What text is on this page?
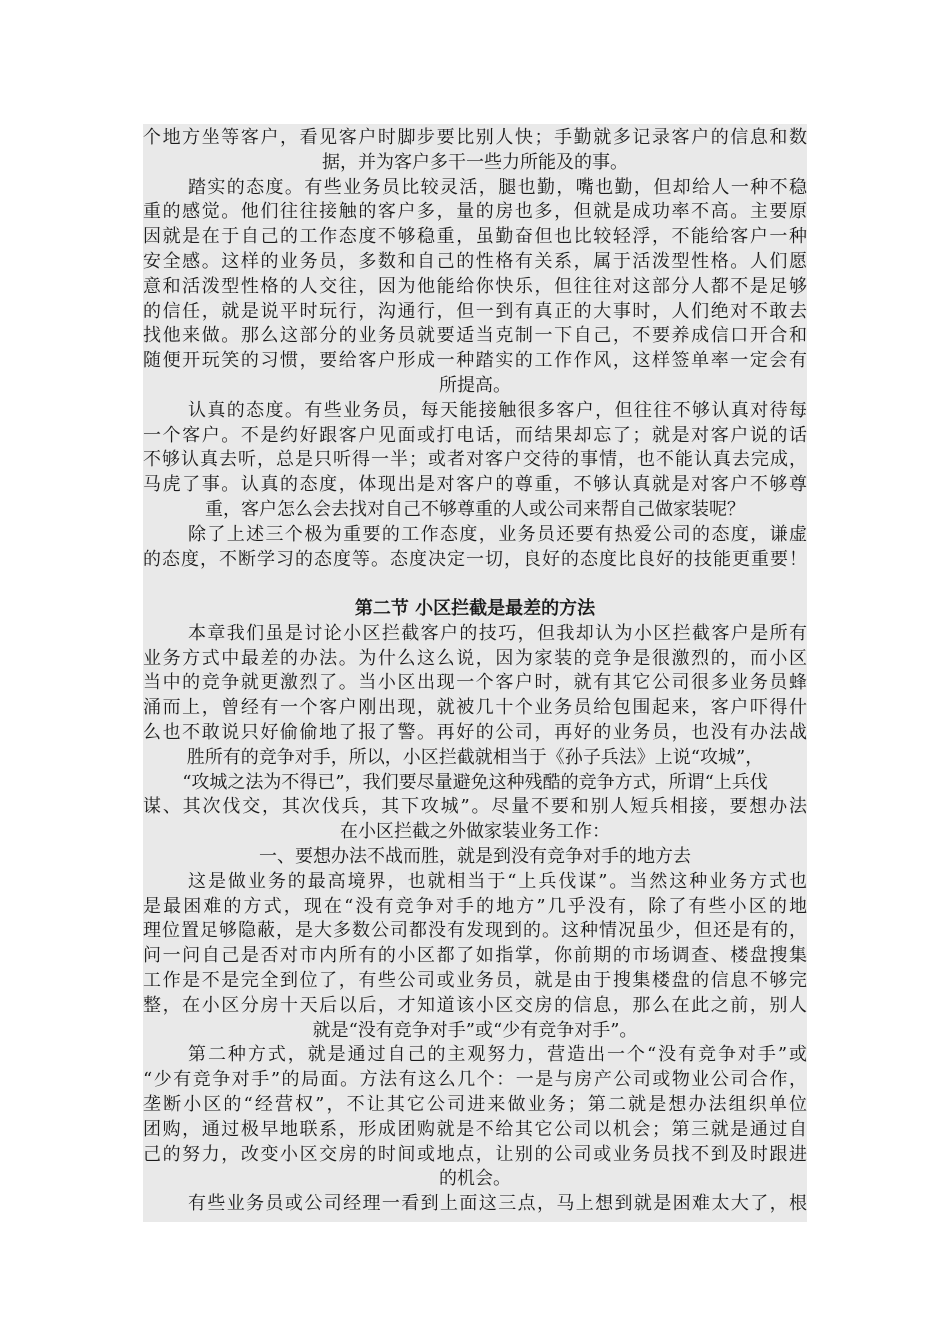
个地方坐等客户，看见客户时脚步要比别人快；手勤就多记录客户的信息和数
据，并为客户多干一些力所能及的事。
踏实的态度。有些业务员比较灵活，腿也勤，嘴也勤，但却给人一种不稳
重的感觉。他们往往接触的客户多，量的房也多，但就是成功率不高。主要原
因就是在于自己的工作态度不够稳重，虽勤奋但也比较轻浮，不能给客户一种
安全感。这样的业务员，多数和自己的性格有关系，属于活泼型性格。人们愿
意和活泼型性格的人交往，因为他能给你快乐，但往往对这部分人都不是足够
的信任，就是说平时玩行，沟通行，但一到有真正的大事时，人们绝对不敢去
找他来做。那么这部分的业务员就要适当克制一下自己，不要养成信口开合和
随便开玩笑的习惯，要给客户形成一种踏实的工作作风，这样签单率一定会有
所提高。
认真的态度。有些业务员，每天能接触很多客户，但往往不够认真对待每
一个客户。不是约好跟客户见面或打电话，而结果却忘了；就是对客户说的话
不够认真去听，总是只听得一半；或者对客户交待的事情，也不能认真去完成，
马虎了事。认真的态度，体现出是对客户的尊重，不够认真就是对客户不够尊
重，客户怎么会去找对自己不够尊重的人或公司来帮自己做家装呢？
除了上述三个极为重要的工作态度，业务员还要有热爱公司的态度，谦虚
的态度，不断学习的态度等。态度决定一切，良好的态度比良好的技能更重要！
第二节 小区拦截是最差的方法
本章我们虽是讨论小区拦截客户的技巧，但我却认为小区拦截客户是所有
业务方式中最差的办法。为什么这么说，因为家装的竞争是很激烈的，而小区
当中的竞争就更激烈了。当小区出现一个客户时，就有其它公司很多业务员蜂
涌而上，曾经有一个客户刚出现，就被几十个业务员给包围起来，客户吓得什
么也不敢说只好偷偷地了报了警。再好的公司，再好的业务员，也没有办法战
胜所有的竞争对手，所以，小区拦截就相当于《孙子兵法》上说“攻城”，
“攻城之法为不得已”，我们要尽量避免这种残酷的竞争方式，所谓“上兵伐
谋、其次伐交，其次伐兵，其下攻城”。尽量不要和别人短兵相接，要想办法
在小区拦截之外做家装业务工作：
一、要想办法不战而胜，就是到没有竞争对手的地方去
这是做业务的最高境界，也就相当于“上兵伐谋”。当然这种业务方式也
是最困难的方式，现在“没有竞争对手的地方”几乎没有，除了有些小区的地
理位置足够隐蔽，是大多数公司都没有发现到的。这种情况虽少，但还是有的，
问一问自己是否对市内所有的小区都了如指掌，你前期的市场调查、楼盘搜集
工作是不是完全到位了，有些公司或业务员，就是由于搜集楼盘的信息不够完
整，在小区分房十天后以后，才知道该小区交房的信息，那么在此之前，别人
就是“没有竞争对手”或“少有竞争对手”。
第二种方式，就是通过自己的主观努力，营造出一个“没有竞争对手”或
“少有竞争对手”的局面。方法有这么几个：一是与房产公司或物业公司合作，
垄断小区的“经营权”，不让其它公司进来做业务；第二就是想办法组织单位
团购，通过极早地联系，形成团购就是不给其它公司以机会；第三就是通过自
己的努力，改变小区交房的时间或地点，让别的公司或业务员找不到及时跟进
的机会。
有些业务员或公司经理一看到上面这三点，马上想到就是困难太大了，根
